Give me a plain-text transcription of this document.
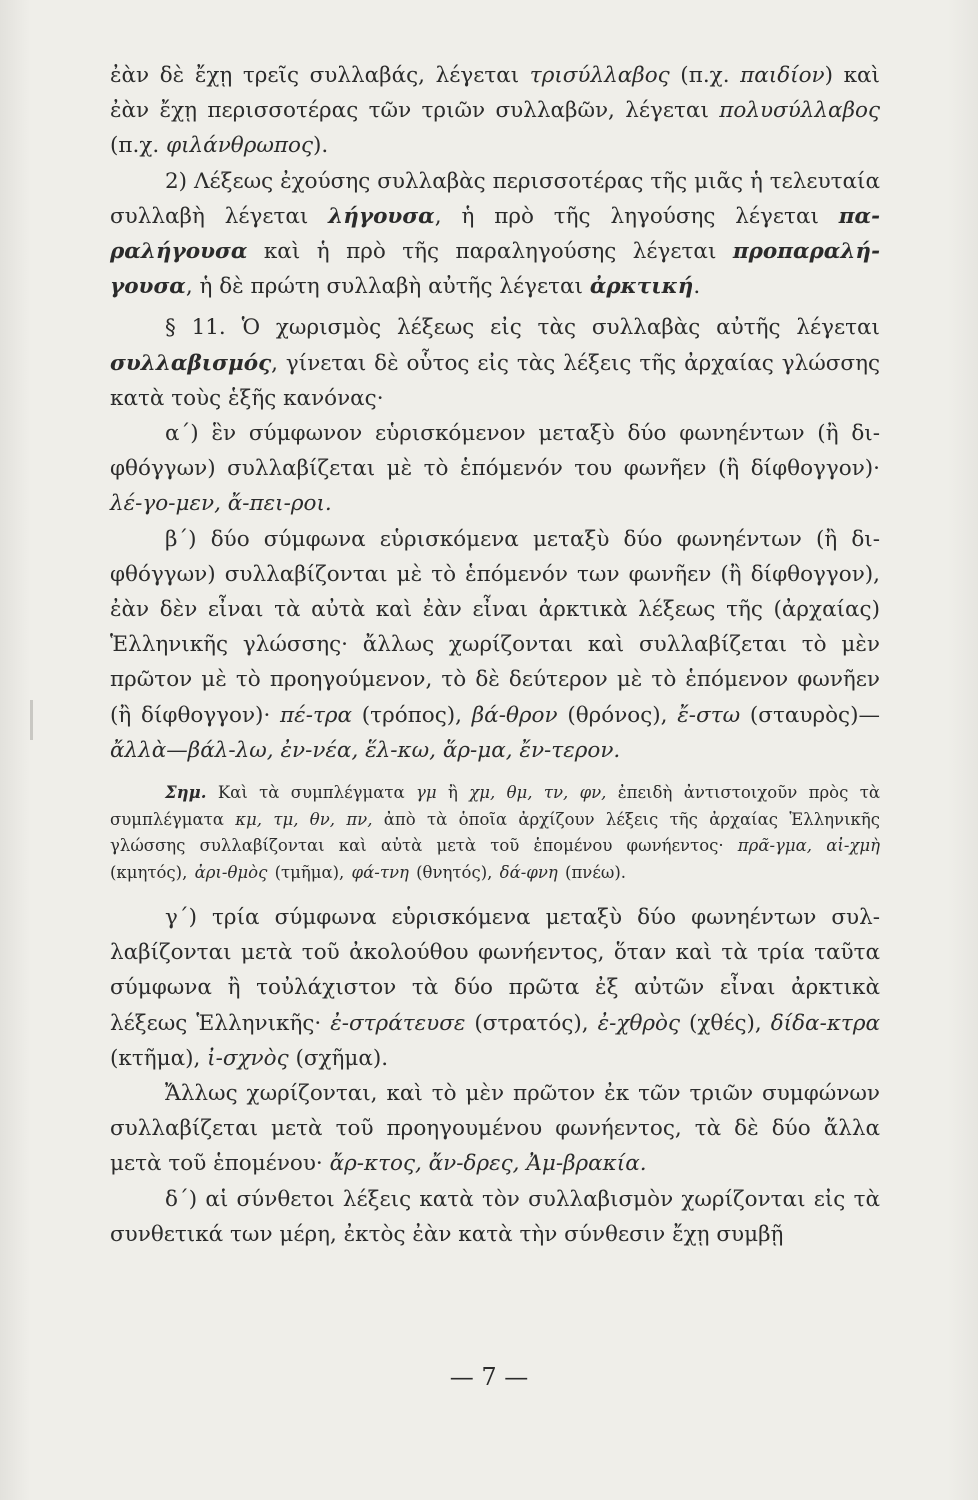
ἐὰν δὲ ἔχῃ τρεῖς συλλαβάς, λέγεται τρισύλλαβος (π.χ. παιδίον) καὶ ἐὰν ἔχῃ περισσοτέρας τῶν τριῶν συλλαβῶν, λέγεται πολυσύλλαβος (π.χ. φιλάνθρωπος).

2) Λέξεως ἐχούσης συλλαβὰς περισσοτέρας τῆς μιᾶς ἡ τελευταία συλλαβὴ λέγεται λήγουσα, ἡ πρὸ τῆς ληγούσης λέγεται παραλήγουσα καὶ ἡ πρὸ τῆς παραληγούσης λέγεται προπαραλήγουσα, ἡ δὲ πρώτη συλλαβὴ αὐτῆς λέγεται ἀρκτική.

§ 11. Ὁ χωρισμὸς λέξεως εἰς τὰς συλλαβὰς αὐτῆς λέγεται συλλαβισμός, γίνεται δὲ οὗτος εἰς τὰς λέξεις τῆς ἀρχαίας γλώσσης κατὰ τοὺς ἑξῆς κανόνας·

α΄) ἓν σύμφωνον εὑρισκόμενον μεταξὺ δύο φωνηέντων (ἢ διφθόγγων) συλλαβίζεται μὲ τὸ ἑπόμενόν του φωνῆεν (ἢ δίφθογγον)· λέ-γο-μεν, ἄ-πει-ροι.

β΄) δύο σύμφωνα εὑρισκόμενα μεταξὺ δύο φωνηέντων (ἢ διφθόγγων) συλλαβίζονται μὲ τὸ ἑπόμενόν των φωνῆεν (ἢ δίφθογγον), ἐὰν δὲν εἶναι τὰ αὐτὰ καὶ ἐὰν εἶναι ἀρκτικὰ λέξεως τῆς (ἀρχαίας) Ἑλληνικῆς γλώσσης· ἄλλως χωρίζονται καὶ συλλαβίζεται τὸ μὲν πρῶτον μὲ τὸ προηγούμενον, τὸ δὲ δεύτερον μὲ τὸ ἑπόμενον φωνῆεν (ἢ δίφθογγον)· πέ-τρα (τρόπος), βά-θρον (θρόνος), ἔ-στω (σταυρὸς)—ἄλλὰ—βάλ-λω, ἐν-νέα, ἕλ-κω, ἅρ-μα, ἔν-τερον.

Σημ. Καὶ τὰ συμπλέγματα γμ ἢ χμ, θμ, τν, φν, ἐπειδὴ ἀντιστοιχοῦν πρὸς τὰ συμπλέγματα κμ, τμ, θν, πν, ἀπὸ τὰ ὁποῖα ἀρχίζουν λέξεις τῆς ἀρχαίας Ἑλληνικῆς γλώσσης συλλαβίζονται καὶ αὐτὰ μετὰ τοῦ ἑπομένου φωνήεντος· πρᾶ-γμα, αἰ-χμὴ (κμητός), ἀρι-θμὸς (τμῆμα), φά-τνη (θνητός), δά-φνη (πνέω).

γ΄) τρία σύμφωνα εὑρισκόμενα μεταξὺ δύο φωνηέντων συλλαβίζονται μετὰ τοῦ ἀκολούθου φωνήεντος, ὅταν καὶ τὰ τρία ταῦτα σύμφωνα ἢ τοὐλάχιστον τὰ δύο πρῶτα ἐξ αὐτῶν εἶναι ἀρκτικὰ λέξεως Ἑλληνικῆς· ἐ-στράτευσε (στρατός), ἐ-χθρὸς (χθές), δίδα-κτρα (κτῆμα), ἰ-σχνὸς (σχῆμα).

Ἄλλως χωρίζονται, καὶ τὸ μὲν πρῶτον ἐκ τῶν τριῶν συμφώνων συλλαβίζεται μετὰ τοῦ προηγουμένου φωνήεντος, τὰ δὲ δύο ἄλλα μετὰ τοῦ ἑπομένου· ἄρ-κτος, ἄν-δρες, Ἀμ-βρακία.

δ΄) αἱ σύνθετοι λέξεις κατὰ τὸν συλλαβισμὸν χωρίζονται εἰς τὰ συνθετικά των μέρη, ἐκτὸς ἐὰν κατὰ τὴν σύνθεσιν ἔχῃ συμβῇ

— 7 —
